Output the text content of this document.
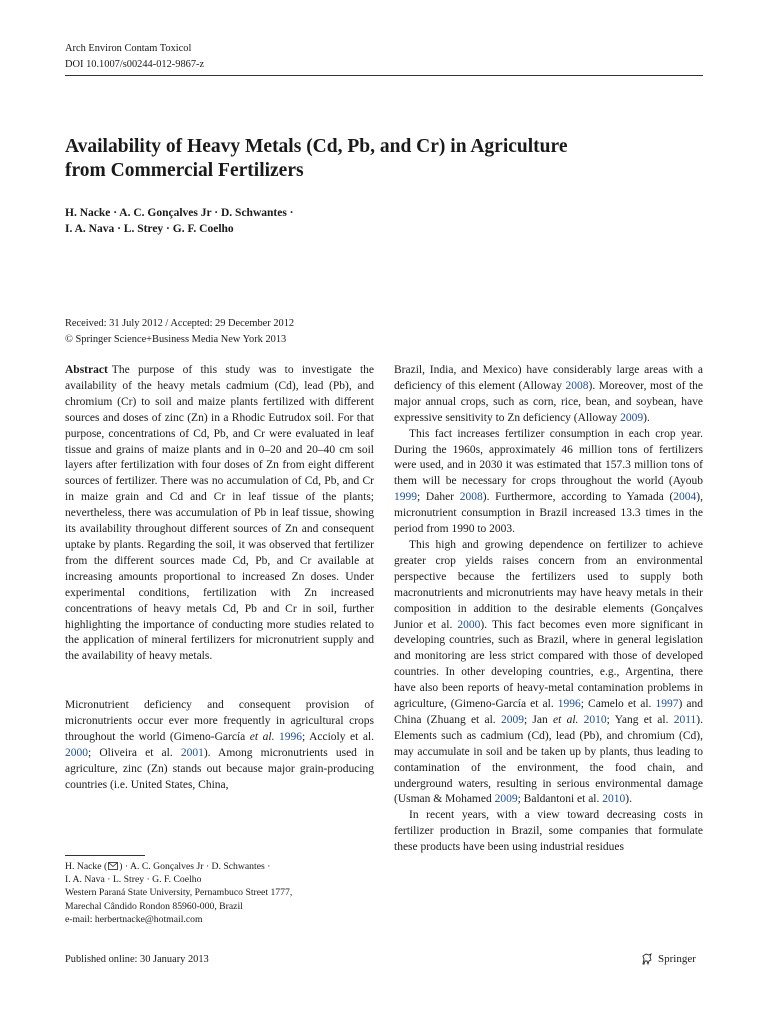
Arch Environ Contam Toxicol
DOI 10.1007/s00244-012-9867-z
Availability of Heavy Metals (Cd, Pb, and Cr) in Agriculture
from Commercial Fertilizers
H. Nacke · A. C. Gonçalves Jr · D. Schwantes ·
I. A. Nava · L. Strey · G. F. Coelho
Received: 31 July 2012 / Accepted: 29 December 2012
© Springer Science+Business Media New York 2013

Abstract The purpose of this study was to investigate the availability of the heavy metals cadmium (Cd), lead (Pb), and chromium (Cr) to soil and maize plants fertilized with different sources and doses of zinc (Zn) in a Rhodic Eutrudox soil. For that purpose, concentrations of Cd, Pb, and Cr were evaluated in leaf tissue and grains of maize plants and in 0–20 and 20–40 cm soil layers after fertilization with four doses of Zn from eight different sources of fertilizer. There was no accumulation of Cd, Pb, and Cr in maize grain and Cd and Cr in leaf tissue of the plants; nevertheless, there was accumulation of Pb in leaf tissue, showing its availability throughout different sources of Zn and consequent uptake by plants. Regarding the soil, it was observed that fertilizer from the different sources made Cd, Pb, and Cr available at increasing amounts proportional to increased Zn doses. Under experimental conditions, fertilization with Zn increased concentrations of heavy metals Cd, Pb and Cr in soil, further highlighting the importance of conducting more studies related to the application of mineral fertilizers for micronutrient supply and the availability of heavy metals.

Micronutrient deficiency and consequent provision of micronutrients occur ever more frequently in agricultural crops throughout the world (Gimeno-García et al. 1996; Accioly et al. 2000; Oliveira et al. 2001). Among micronutrients used in agriculture, zinc (Zn) stands out because major grain-producing countries (i.e. United States, China,

Brazil, India, and Mexico) have considerably large areas with a deficiency of this element (Alloway 2008). Moreover, most of the major annual crops, such as corn, rice, bean, and soybean, have expressive sensitivity to Zn deficiency (Alloway 2009).

This fact increases fertilizer consumption in each crop year. During the 1960s, approximately 46 million tons of fertilizers were used, and in 2030 it was estimated that 157.3 million tons of them will be necessary for crops throughout the world (Ayoub 1999; Daher 2008). Furthermore, according to Yamada (2004), micronutrient consumption in Brazil increased 13.3 times in the period from 1990 to 2003.

This high and growing dependence on fertilizer to achieve greater crop yields raises concern from an environmental perspective because the fertilizers used to supply both macronutrients and micronutrients may have heavy metals in their composition in addition to the desirable elements (Gonçalves Junior et al. 2000). This fact becomes even more significant in developing countries, such as Brazil, where in general legislation and monitoring are less strict compared with those of developed countries. In other developing countries, e.g., Argentina, there have also been reports of heavy-metal contamination problems in agriculture, (Gimeno-García et al. 1996; Camelo et al. 1997) and China (Zhuang et al. 2009; Jan et al. 2010; Yang et al. 2011). Elements such as cadmium (Cd), lead (Pb), and chromium (Cd), may accumulate in soil and be taken up by plants, thus leading to contamination of the environment, the food chain, and underground waters, resulting in serious environmental damage (Usman & Mohamed 2009; Baldantoni et al. 2010).

In recent years, with a view toward decreasing costs in fertilizer production in Brazil, some companies that formulate these products have been using industrial residues

H. Nacke ( ) · A. C. Gonçalves Jr · D. Schwantes ·
I. A. Nava · L. Strey · G. F. Coelho
Western Paraná State University, Pernambuco Street 1777,
Marechal Cândido Rondon 85960-000, Brazil
e-mail: herbertnacke@hotmail.com
Published online: 30 January 2013	Springer
